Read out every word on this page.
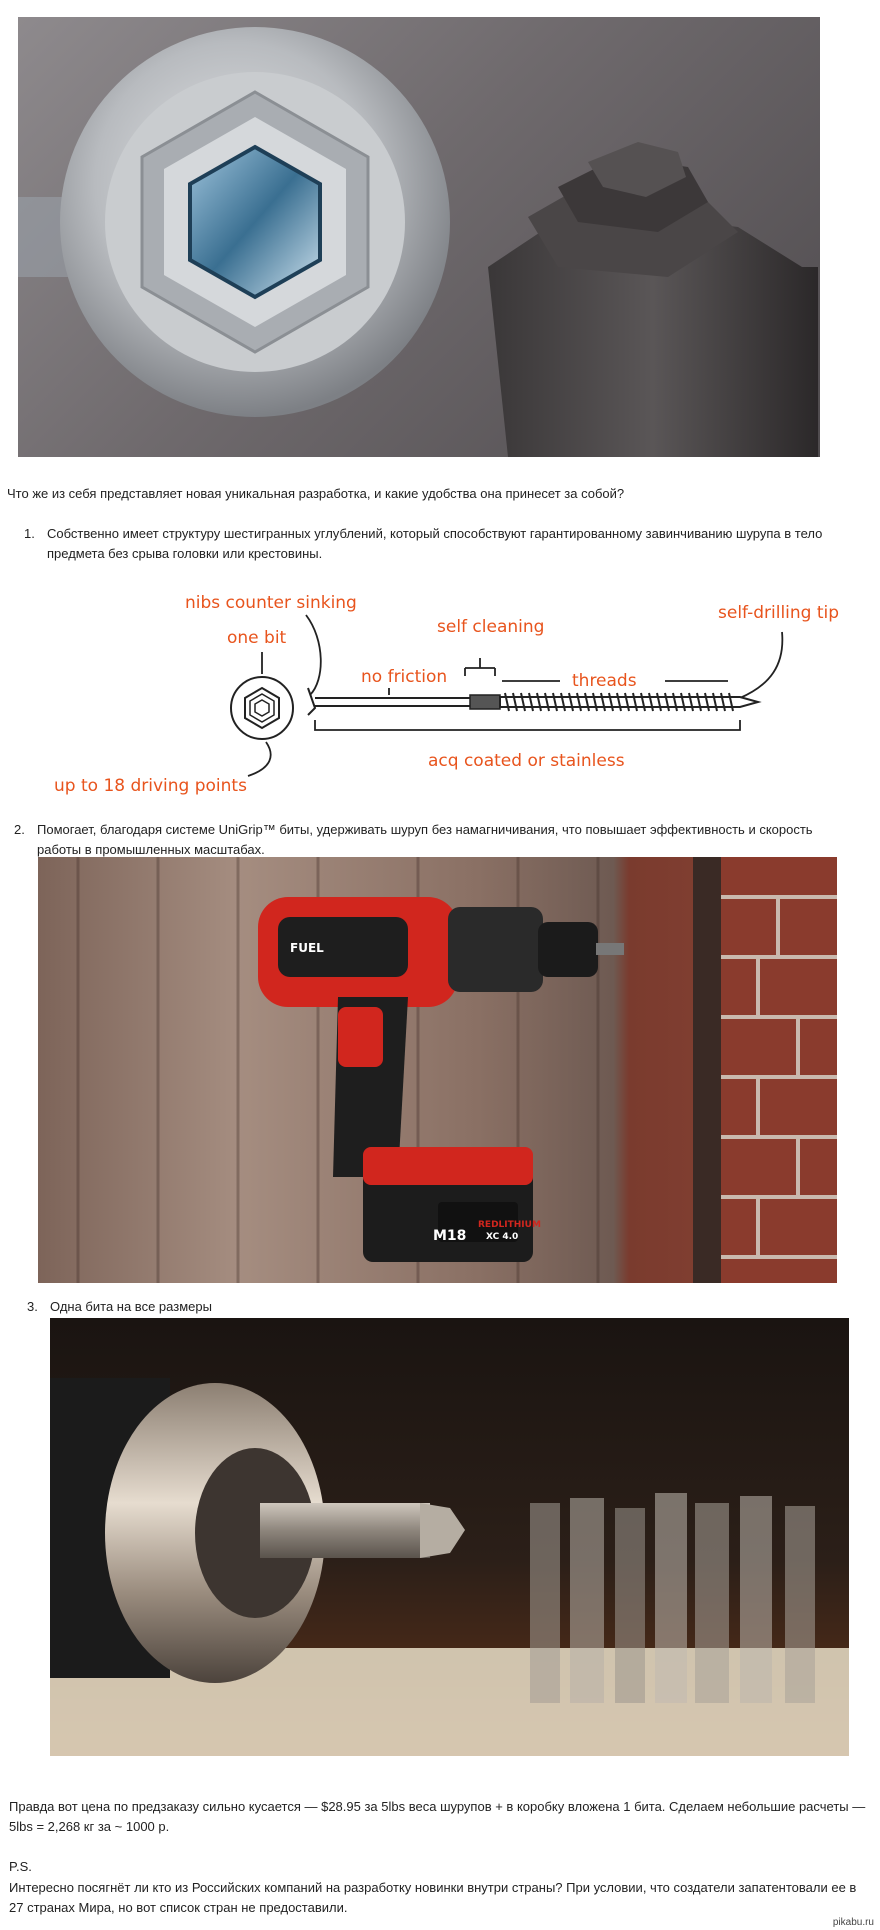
Что же из себя представляет новая уникальная разработка, и какие удобства она принесет за собой?
1. Собственно имеет структуру шестигранных углублений, который способствуют гарантированному завинчиванию шурупа в тело предмета без срыва головки или крестовины.
nibs counter sinking
one bit
self cleaning
self-drilling tip
no friction	threads
acq coated or stainless
up to 18 driving points
2. Помогает, благодаря системе UniGrip™ биты, удерживать шуруп без намагничивания, что повышает эффективность и скорость работы в промышленных масштабах.
M18
REDLITHIUM
XC 4.0
FUEL
3. Одна бита на все размеры
Правда вот цена по предзаказу сильно кусается — $28.95 за 5lbs веса шурупов + в коробку вложена 1 бита. Сделаем небольшие расчеты — 5lbs = 2,268 кг за ~ 1000 р.
P.S.
Интересно посягнёт ли кто из Российских компаний на разработку новинки внутри страны? При условии, что создатели запатентовали ее в 27 странах Мира, но вот список стран не предоставили.
pikabu.ru
